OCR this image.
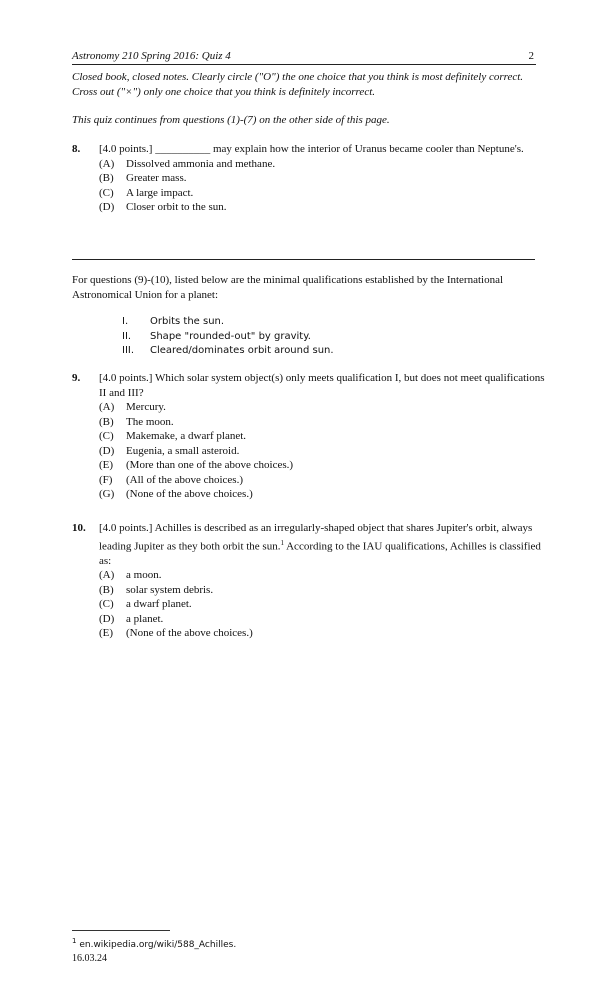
Astronomy 210 Spring 2016: Quiz 4	2
Closed book, closed notes. Clearly circle ("O") the one choice that you think is most definitely correct. Cross out ("×") only one choice that you think is definitely incorrect.
This quiz continues from questions (1)-(7) on the other side of this page.
8. [4.0 points.] __________ may explain how the interior of Uranus became cooler than Neptune's.
(A)	Dissolved ammonia and methane.
(B)	Greater mass.
(C)	A large impact.
(D)	Closer orbit to the sun.
For questions (9)-(10), listed below are the minimal qualifications established by the International Astronomical Union for a planet:
I.	Orbits the sun.
II.	Shape "rounded-out" by gravity.
III.	Cleared/dominates orbit around sun.
9. [4.0 points.] Which solar system object(s) only meets qualification I, but does not meet qualifications II and III?
(A)	Mercury.
(B)	The moon.
(C)	Makemake, a dwarf planet.
(D)	Eugenia, a small asteroid.
(E)	(More than one of the above choices.)
(F)	(All of the above choices.)
(G)	(None of the above choices.)
10. [4.0 points.] Achilles is described as an irregularly-shaped object that shares Jupiter's orbit, always leading Jupiter as they both orbit the sun.$^1$ According to the IAU qualifications, Achilles is classified as:
(A)	a moon.
(B)	solar system debris.
(C)	a dwarf planet.
(D)	a planet.
(E)	(None of the above choices.)
$^1$ en.wikipedia.org/wiki/588_Achilles.
16.03.24
